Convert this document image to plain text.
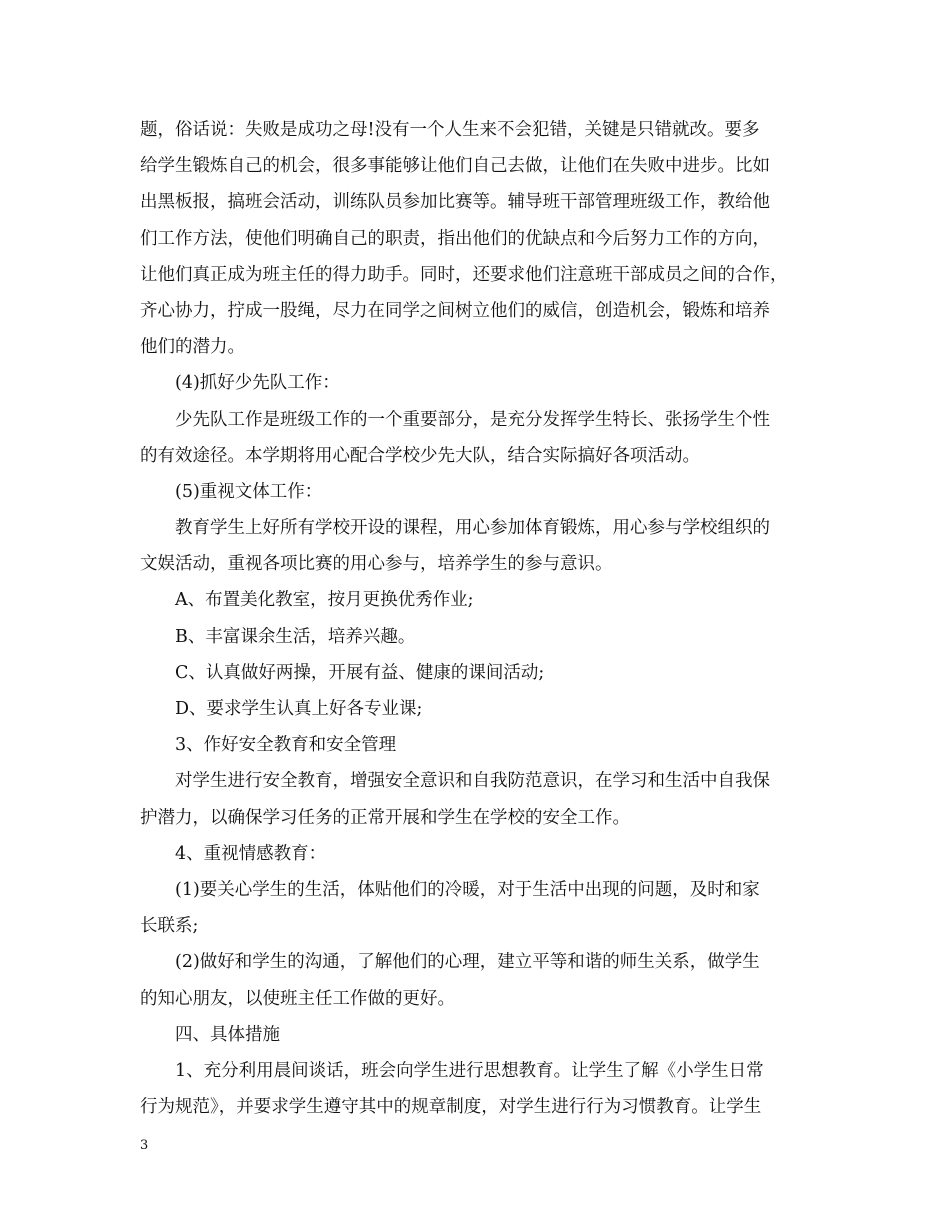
题，俗话说：失败是成功之母!没有一个人生来不会犯错，关键是只错就改。要多
给学生锻炼自己的机会，很多事能够让他们自己去做，让他们在失败中进步。比如
出黑板报，搞班会活动，训练队员参加比赛等。辅导班干部管理班级工作，教给他
们工作方法，使他们明确自己的职责，指出他们的优缺点和今后努力工作的方向，
让他们真正成为班主任的得力助手。同时，还要求他们注意班干部成员之间的合作，
齐心协力，拧成一股绳，尽力在同学之间树立他们的威信，创造机会，锻炼和培养
他们的潜力。
(4)抓好少先队工作：
少先队工作是班级工作的一个重要部分，是充分发挥学生特长、张扬学生个性
的有效途径。本学期将用心配合学校少先大队，结合实际搞好各项活动。
(5)重视文体工作：
教育学生上好所有学校开设的课程，用心参加体育锻炼，用心参与学校组织的
文娱活动，重视各项比赛的用心参与，培养学生的参与意识。
A、布置美化教室，按月更换优秀作业;
B、丰富课余生活，培养兴趣。
C、认真做好两操，开展有益、健康的课间活动;
D、要求学生认真上好各专业课;
3、作好安全教育和安全管理
对学生进行安全教育，增强安全意识和自我防范意识，在学习和生活中自我保
护潜力，以确保学习任务的正常开展和学生在学校的安全工作。
4、重视情感教育：
(1)要关心学生的生活，体贴他们的冷暖，对于生活中出现的问题，及时和家
长联系;
(2)做好和学生的沟通，了解他们的心理，建立平等和谐的师生关系，做学生
的知心朋友，以使班主任工作做的更好。
四、具体措施
1、充分利用晨间谈话，班会向学生进行思想教育。让学生了解《小学生日常
行为规范》，并要求学生遵守其中的规章制度，对学生进行行为习惯教育。让学生
3
